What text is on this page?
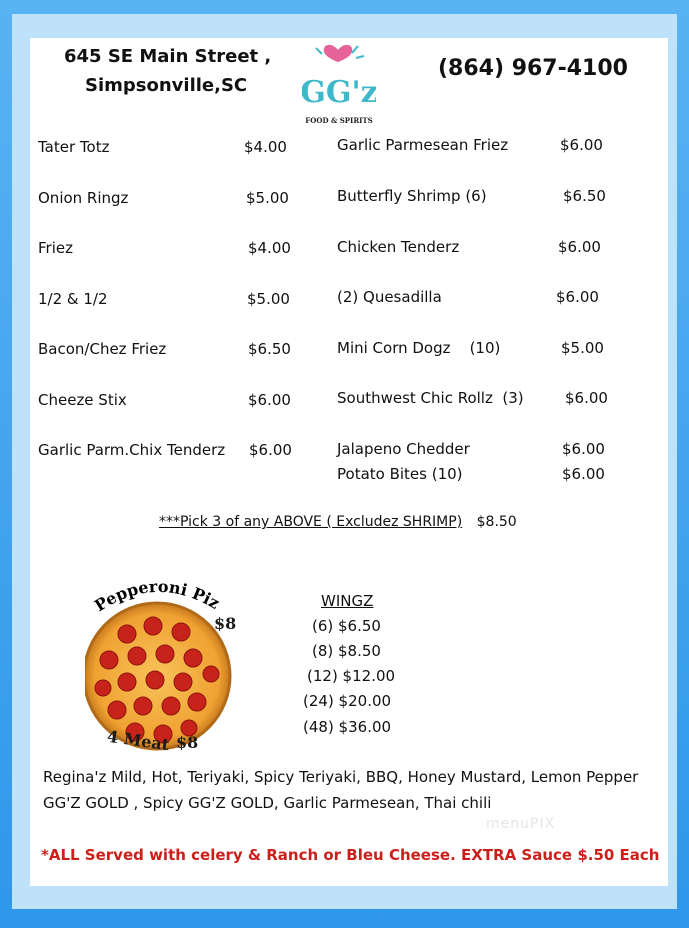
645 SE Main Street ,
Simpsonville,SC GG'z
FOOD & SPIRITS
(864) 967-4100
Tater Totz	$4.00
Onion Ringz	$5.00
Friez	$4.00
1/2 & 1/2	$5.00
Bacon/Chez Friez	$6.50
Cheeze Stix	$6.00
Garlic Parm.Chix Tenderz $6.00
Garlic Parmesean Friez	$6.00
Butterfly Shrimp (6)	$6.50
Chicken Tenderz	$6.00
(2) Quesadilla	$6.00
Mini Corn Dogz    (10)	$5.00
Southwest Chic Rollz  (3)	$6.00
Jalapeno Chedder	$6.00
Potato Bites (10)	$6.00
***Pick 3 of any ABOVE ( Excludez SHRIMP) $8.50
Pepperoni Piz
$8
4 Meat $8
WINGZ
(6) $6.50
(8) $8.50
(12) $12.00
(24) $20.00
(48) $36.00
Regina'z Mild, Hot, Teriyaki, Spicy Teriyaki, BBQ, Honey Mustard, Lemon Pepper
GG'Z GOLD , Spicy GG'Z GOLD, Garlic Parmesean, Thai chili
menuPIX
*ALL Served with celery & Ranch or Bleu Cheese. EXTRA Sauce $.50 Each
